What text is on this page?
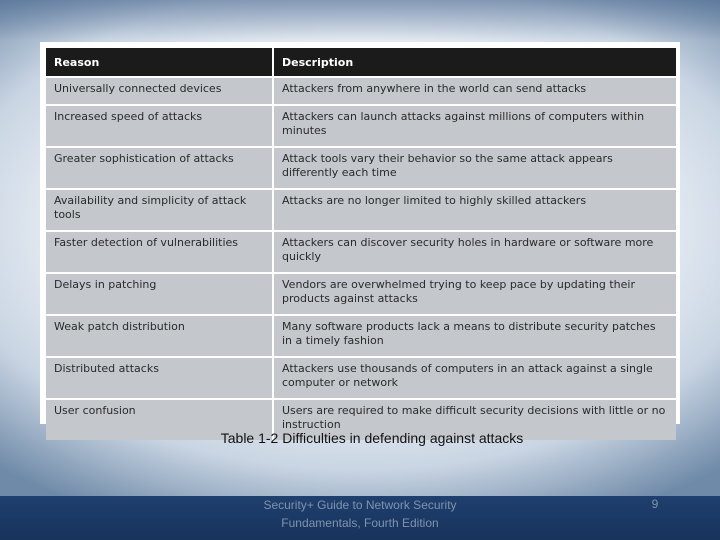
Reason	Description
Universally connected devices	Attackers from anywhere in the world can send attacks
Increased speed of attacks	Attackers can launch attacks against millions of computers within minutes
Greater sophistication of attacks	Attack tools vary their behavior so the same attack appears differently each time
Availability and simplicity of attack tools	Attacks are no longer limited to highly skilled attackers
Faster detection of vulnerabilities	Attackers can discover security holes in hardware or software more quickly
Delays in patching	Vendors are overwhelmed trying to keep pace by updating their products against attacks
Weak patch distribution	Many software products lack a means to distribute security patches in a timely fashion
Distributed attacks	Attackers use thousands of computers in an attack against a single computer or network
User confusion	Users are required to make difficult security decisions with little or no instruction
Table 1-2 Difficulties in defending against attacks
Security+ Guide to Network Security Fundamentals, Fourth Edition
9
